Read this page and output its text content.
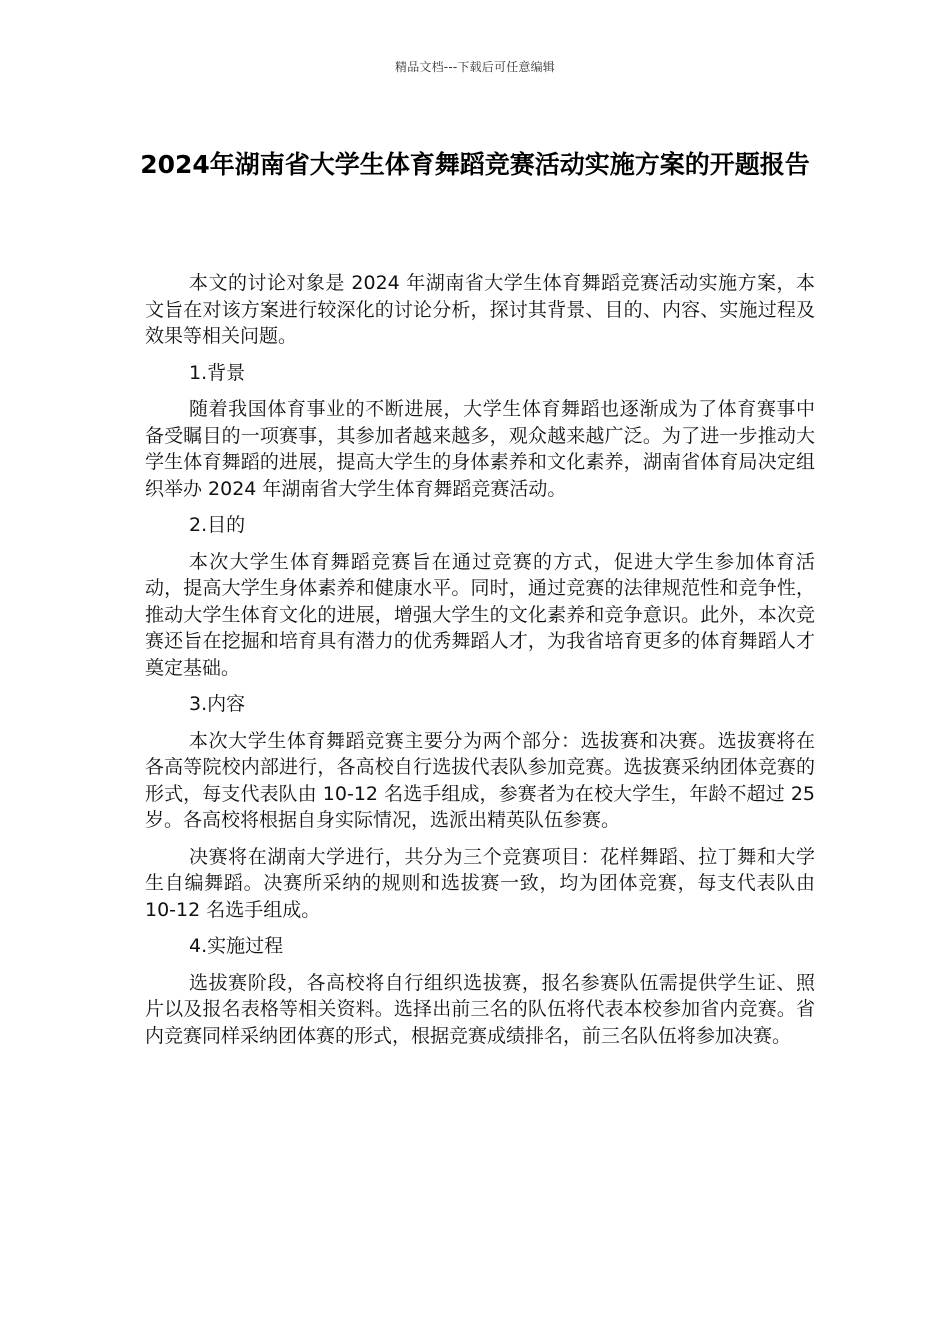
精品文档---下载后可任意编辑
2024年湖南省大学生体育舞蹈竞赛活动实施方案的开题报告

本文的讨论对象是 2024 年湖南省大学生体育舞蹈竞赛活动实施方案，本文旨在对该方案进行较深化的讨论分析，探讨其背景、目的、内容、实施过程及效果等相关问题。

1.背景

随着我国体育事业的不断进展，大学生体育舞蹈也逐渐成为了体育赛事中备受瞩目的一项赛事，其参加者越来越多，观众越来越广泛。为了进一步推动大学生体育舞蹈的进展，提高大学生的身体素养和文化素养，湖南省体育局决定组织举办 2024 年湖南省大学生体育舞蹈竞赛活动。

2.目的

本次大学生体育舞蹈竞赛旨在通过竞赛的方式，促进大学生参加体育活动，提高大学生身体素养和健康水平。同时，通过竞赛的法律规范性和竞争性，推动大学生体育文化的进展，增强大学生的文化素养和竞争意识。此外，本次竞赛还旨在挖掘和培育具有潜力的优秀舞蹈人才，为我省培育更多的体育舞蹈人才奠定基础。

3.内容

本次大学生体育舞蹈竞赛主要分为两个部分：选拔赛和决赛。选拔赛将在各高等院校内部进行，各高校自行选拔代表队参加竞赛。选拔赛采纳团体竞赛的形式，每支代表队由 10-12 名选手组成，参赛者为在校大学生，年龄不超过 25 岁。各高校将根据自身实际情况，选派出精英队伍参赛。

决赛将在湖南大学进行，共分为三个竞赛项目：花样舞蹈、拉丁舞和大学生自编舞蹈。决赛所采纳的规则和选拔赛一致，均为团体竞赛，每支代表队由 10-12 名选手组成。

4.实施过程

选拔赛阶段，各高校将自行组织选拔赛，报名参赛队伍需提供学生证、照片以及报名表格等相关资料。选择出前三名的队伍将代表本校参加省内竞赛。省内竞赛同样采纳团体赛的形式，根据竞赛成绩排名，前三名队伍将参加决赛。
